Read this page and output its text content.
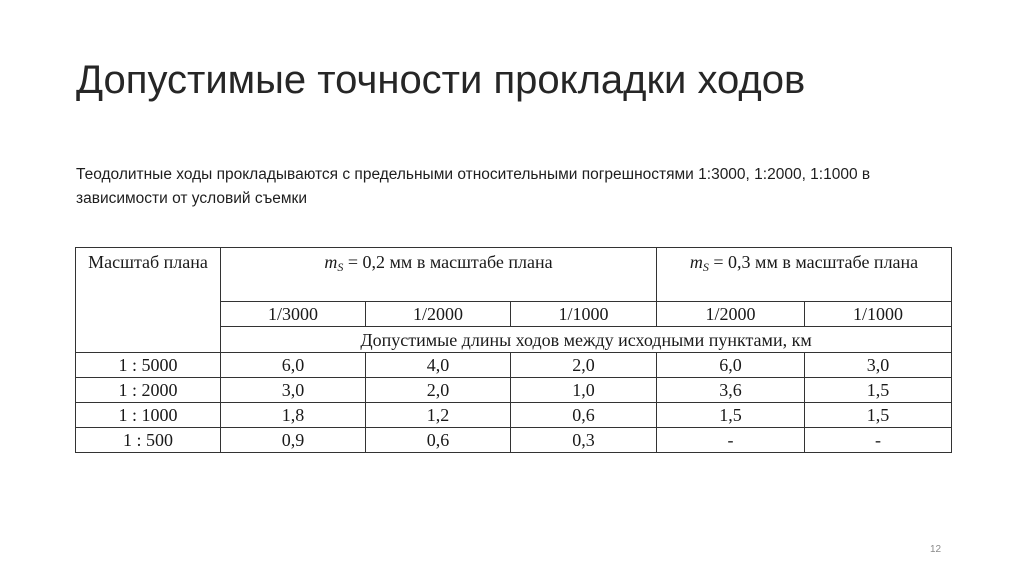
Допустимые точности прокладки ходов
Теодолитные ходы прокладываются с предельными относительными погрешностями 1:3000, 1:2000, 1:1000 в зависимости от условий съемки
Масштаб плана	mS = 0,2 мм в масштабе плана			mS = 0,3 мм в масштабе плана	
	1/3000	1/2000	1/1000	1/2000	1/1000
	Допустимые длины ходов между исходными пунктами, км				
1 : 5000	6,0	4,0	2,0	6,0	3,0
1 : 2000	3,0	2,0	1,0	3,6	1,5
1 : 1000	1,8	1,2	0,6	1,5	1,5
1 : 500	0,9	0,6	0,3	-	-
12
